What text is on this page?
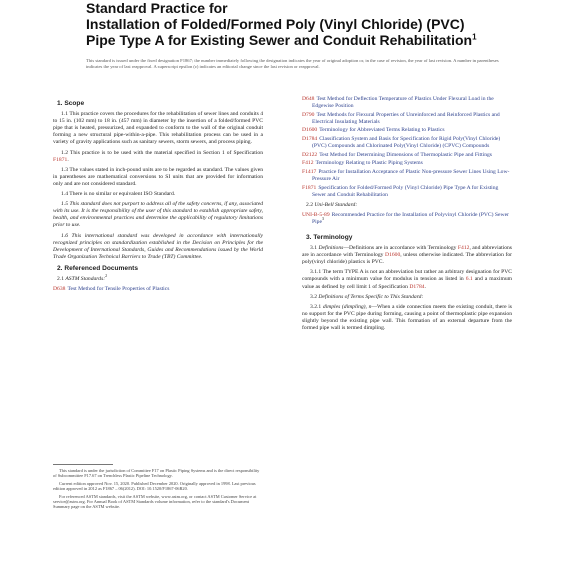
Standard Practice for
Installation of Folded/Formed Poly (Vinyl Chloride) (PVC)
Pipe Type A for Existing Sewer and Conduit Rehabilitation$^1$
This standard is issued under the fixed designation F1867; the number immediately following the designation indicates the year of original adoption or, in the case of revision, the year of last revision. A number in parentheses indicates the year of last reapproval. A superscript epsilon (ε) indicates an editorial change since the last revision or reapproval.
1. Scope

1.1 This practice covers the procedures for the rehabilitation of sewer lines and conduits 4 to 15 in. (102 mm) to 18 in. (457 mm) in diameter by the insertion of a folded/formed PVC pipe that is heated, pressurized, and expanded to conform to the wall of the original conduit forming a new structural pipe-within-a-pipe. This rehabilitation process can be used in a variety of gravity applications such as sanitary sewers, storm sewers, and process piping.

1.2 This practice is to be used with the material specified in Section 1 of Specification F1871.

1.3 The values stated in inch-pound units are to be regarded as standard. The values given in parentheses are mathematical conversions to SI units that are provided for information only and are not considered standard.

1.4 There is no similar or equivalent ISO Standard.

1.5 This standard does not purport to address all of the safety concerns, if any, associated with its use. It is the responsibility of the user of this standard to establish appropriate safety, health, and environmental practices and determine the applicability of regulatory limitations prior to use.

1.6 This international standard was developed in accordance with internationally recognized principles on standardization established in the Decision on Principles for the Development of International Standards, Guides and Recommendations issued by the World Trade Organization Technical Barriers to Trade (TBT) Committee.

2. Referenced Documents
2.1 ASTM Standards:$^2$
D638 Test Method for Tensile Properties of Plastics
D648 Test Method for Deflection Temperature of Plastics Under Flexural Load in the Edgewise Position
D790 Test Methods for Flexural Properties of Unreinforced and Reinforced Plastics and Electrical Insulating Materials
D1600 Terminology for Abbreviated Terms Relating to Plastics
D1784 Classification System and Basis for Specification for Rigid Poly(Vinyl Chloride) (PVC) Compounds and Chlorinated Poly(Vinyl Chloride) (CPVC) Compounds
D2122 Test Method for Determining Dimensions of Thermoplastic Pipe and Fittings
F412 Terminology Relating to Plastic Piping Systems
F1417 Practice for Installation Acceptance of Plastic Non-pressure Sewer Lines Using Low-Pressure Air
F1871 Specification for Folded/Formed Poly (Vinyl Chloride) Pipe Type A for Existing Sewer and Conduit Rehabilitation
2.2 Uni-Bell Standard:
UNI-B-5-89 Recommended Practice for the Installation of Polyvinyl Chloride (PVC) Sewer Pipe$^3$
3. Terminology

3.1 Definitions—Definitions are in accordance with Terminology F412, and abbreviations are in accordance with Terminology D1600, unless otherwise indicated. The abbreviation for poly(vinyl chloride) plastics is PVC.

3.1.1 The term TYPE A is not an abbreviation but rather an arbitrary designation for PVC compounds with a minimum value for modulus in tension as listed in 6.1 and a maximum value as defined by cell limit 1 of Specification D1784.

3.2 Definitions of Terms Specific to This Standard:

3.2.1 dimples (dimpling), n—When a side connection meets the existing conduit, there is no support for the PVC pipe during forming, causing a point of thermoplastic pipe expansion slightly beyond the existing pipe wall. This formation of an external departure from the formed pipe wall is termed dimpling.

This standard is under the jurisdiction of Committee F17 on Plastic Piping Systems and is the direct responsibility of Subcommittee F17.67 on Trenchless Plastic Pipeline Technology.

Current edition approved Nov. 15, 2020. Published December 2020. Originally approved in 1998. Last previous edition approved in 2012 as F1867 – 06(2012). DOI: 10.1520/F1867-06R20.

For referenced ASTM standards, visit the ASTM website, www.astm.org, or contact ASTM Customer Service at service@astm.org. For Annual Book of ASTM Standards volume information, refer to the standard's Document Summary page on the ASTM website.
